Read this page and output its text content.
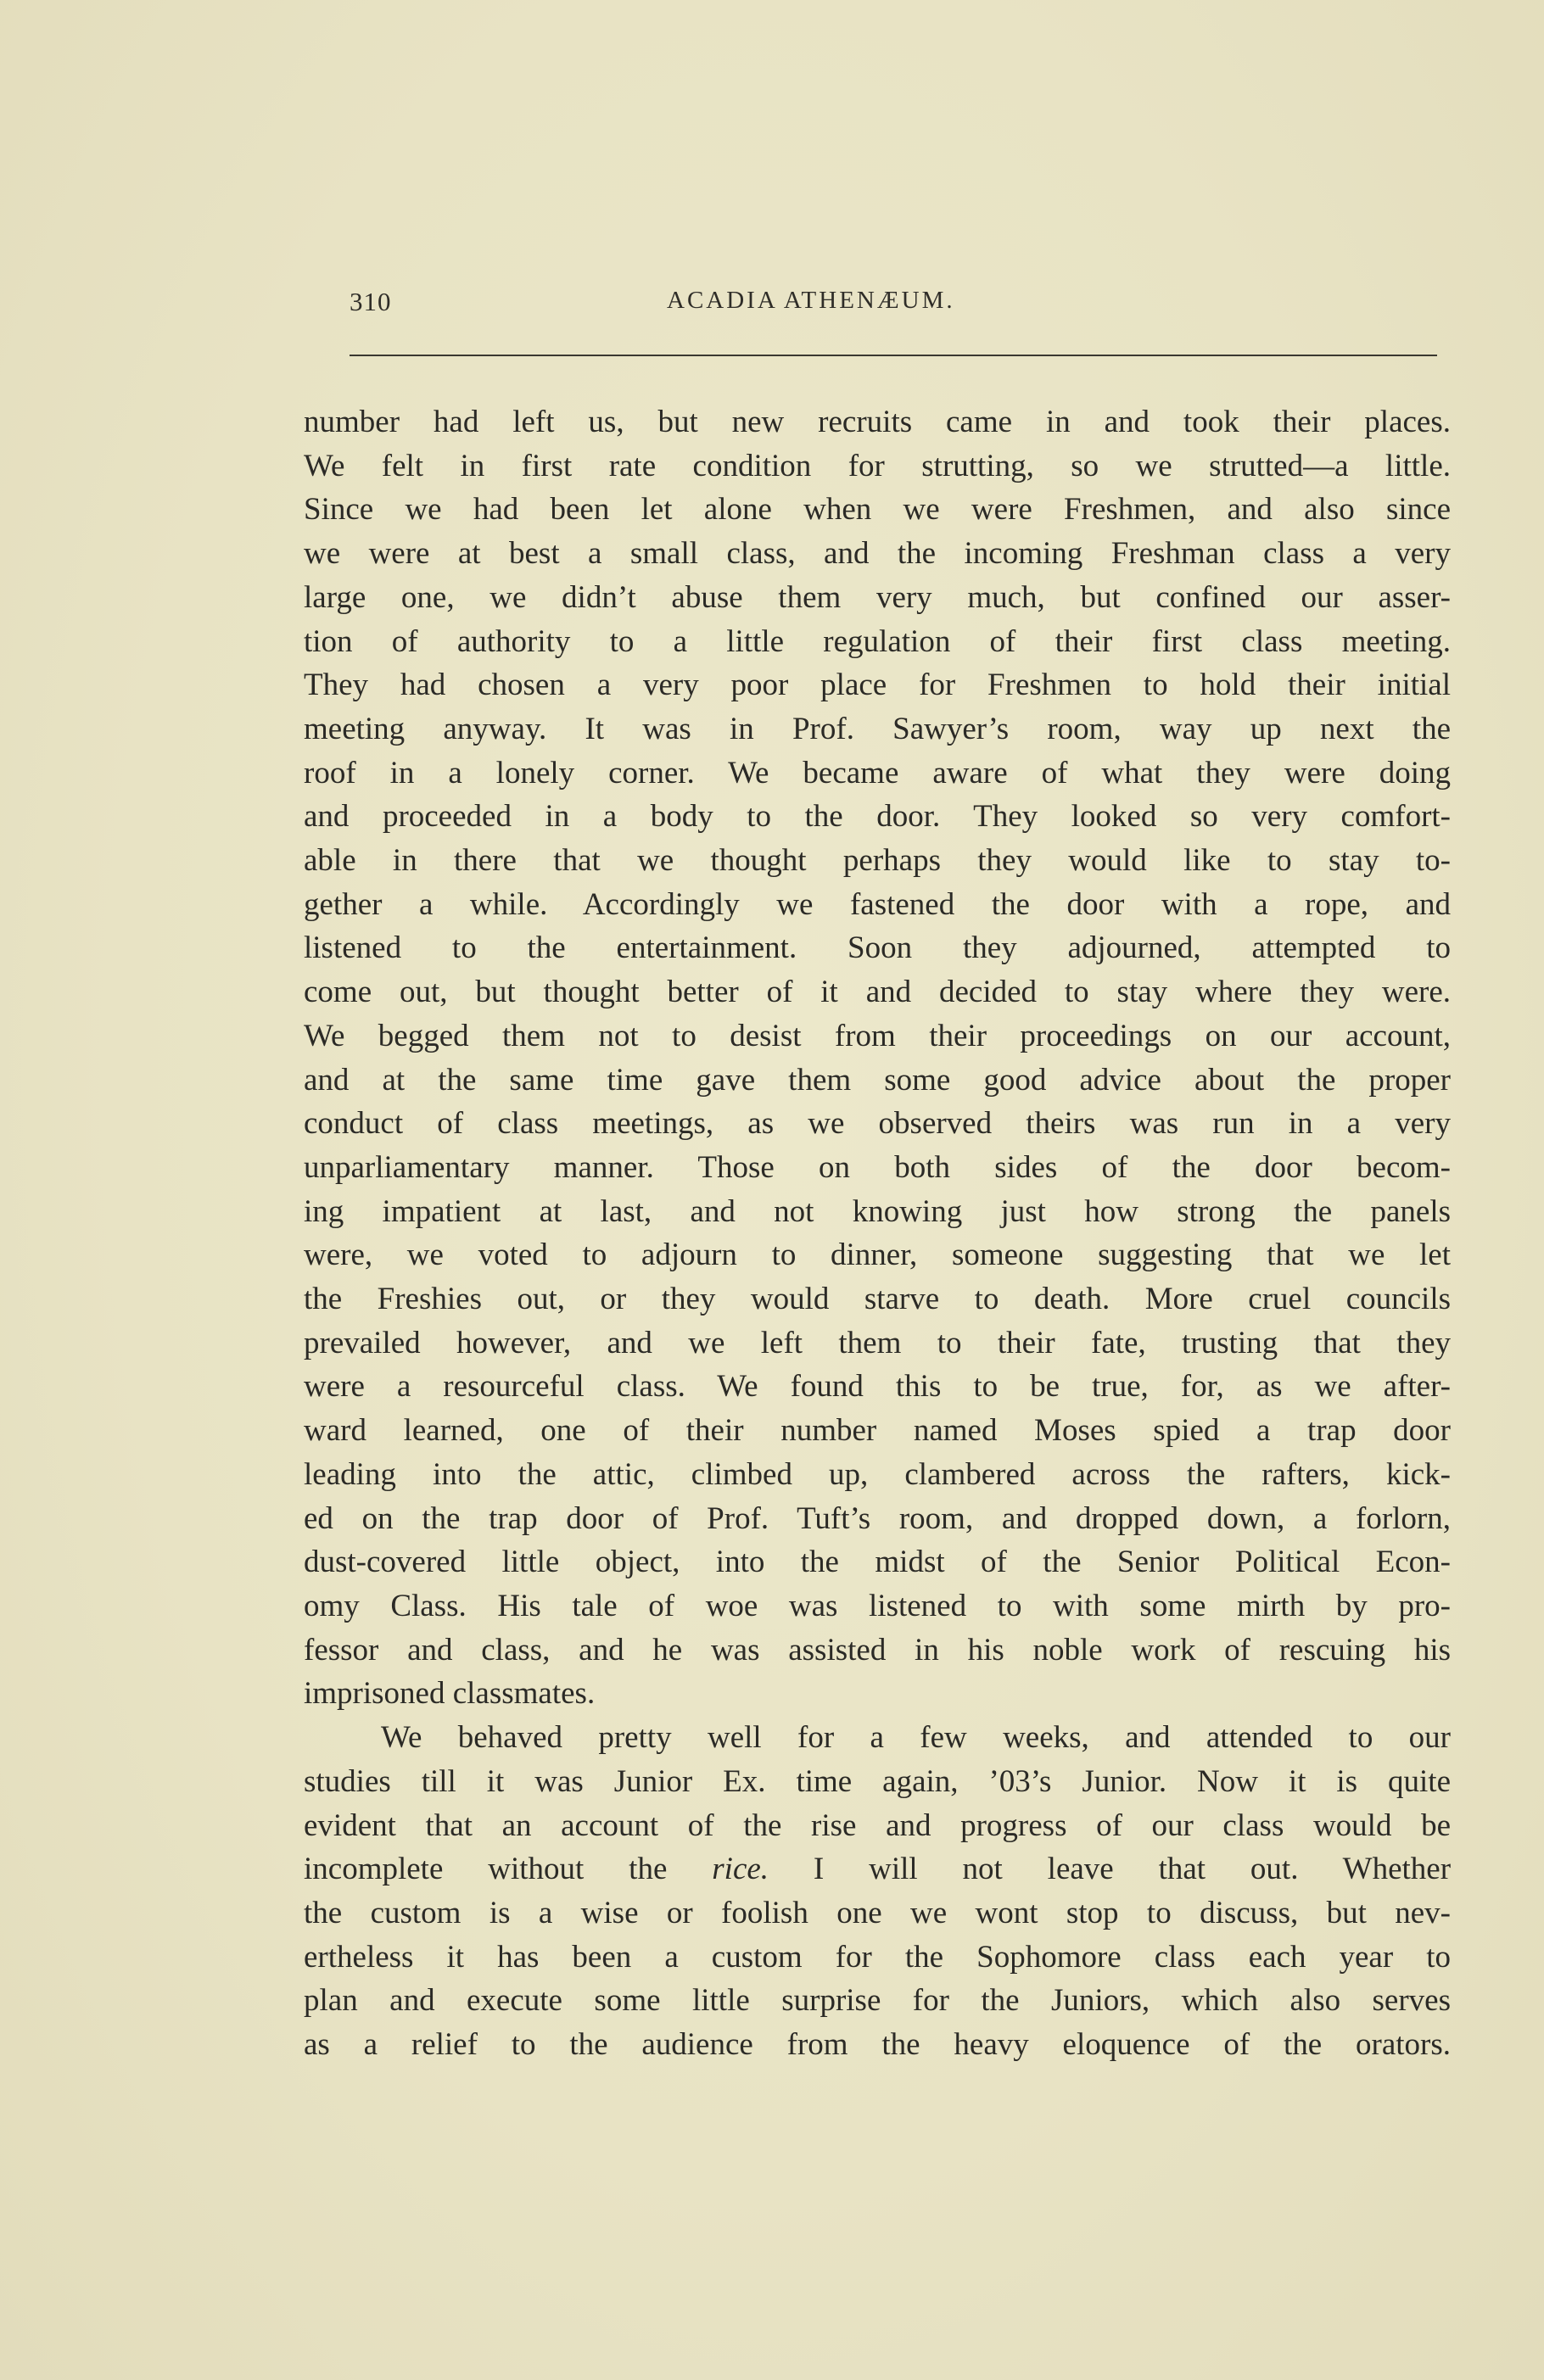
310	ACADIA ATHENÆUM.

number had left us, but new recruits came in and took their places.

We felt in first rate condition for strutting, so we strutted—a little.

Since we had been let alone when we were Freshmen, and also since

we were at best a small class, and the incoming Freshman class a very

large one, we didn’t abuse them very much, but confined our asser-

tion of authority to a little regulation of their first class meeting.

They had chosen a very poor place for Freshmen to hold their initial

meeting anyway. It was in Prof. Sawyer’s room, way up next the

roof in a lonely corner. We became aware of what they were doing

and proceeded in a body to the door. They looked so very comfort-

able in there that we thought perhaps they would like to stay to-

gether a while. Accordingly we fastened the door with a rope, and

listened to the entertainment. Soon they adjourned, attempted to

come out, but thought better of it and decided to stay where they were.

We begged them not to desist from their proceedings on our account,

and at the same time gave them some good advice about the proper

conduct of class meetings, as we observed theirs was run in a very

unparliamentary manner. Those on both sides of the door becom-

ing impatient at last, and not knowing just how strong the panels

were, we voted to adjourn to dinner, someone suggesting that we let

the Freshies out, or they would starve to death. More cruel councils

prevailed however, and we left them to their fate, trusting that they

were a resourceful class. We found this to be true, for, as we after-

ward learned, one of their number named Moses spied a trap door

leading into the attic, climbed up, clambered across the rafters, kick-

ed on the trap door of Prof. Tuft’s room, and dropped down, a forlorn,

dust-covered little object, into the midst of the Senior Political Econ-

omy Class. His tale of woe was listened to with some mirth by pro-

fessor and class, and he was assisted in his noble work of rescuing his

imprisoned classmates.

We behaved pretty well for a few weeks, and attended to our

studies till it was Junior Ex. time again, ’03’s Junior. Now it is quite

evident that an account of the rise and progress of our class would be

incomplete without the rice. I will not leave that out. Whether

the custom is a wise or foolish one we wont stop to discuss, but nev-

ertheless it has been a custom for the Sophomore class each year to

plan and execute some little surprise for the Juniors, which also serves

as a relief to the audience from the heavy eloquence of the orators.
